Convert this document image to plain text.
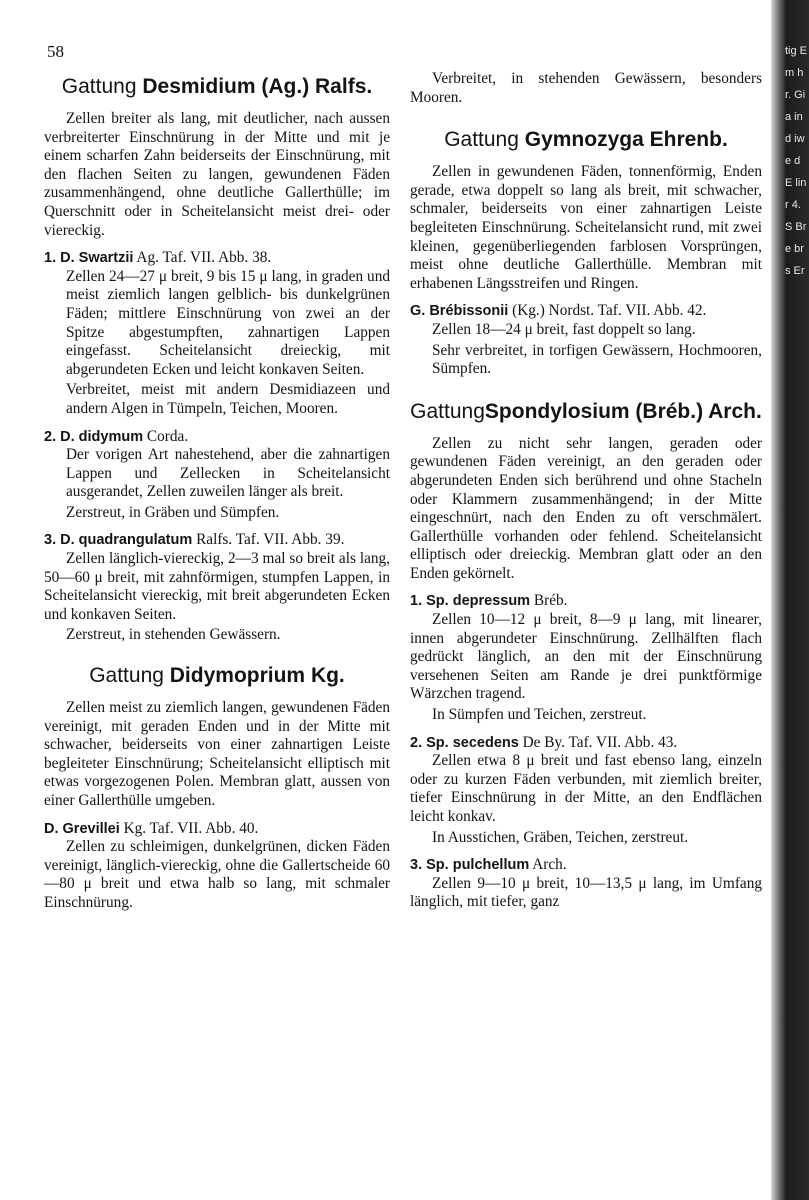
58
Gattung Desmidium (Ag.) Ralfs.

Zellen breiter als lang, mit deutlicher, nach aussen verbreiterter Einschnürung in der Mitte und mit je einem scharfen Zahn beiderseits der Einschnürung, mit den flachen Seiten zu langen, gewundenen Fäden zusammenhängend, ohne deutliche Gallerthülle; im Querschnitt oder in Scheitelansicht meist drei- oder viereckig.

1. D. Swartzii Ag. Taf. VII. Abb. 38.

Zellen 24—27 μ breit, 9 bis 15 μ lang, in graden und meist ziemlich langen gelblich- bis dunkelgrünen Fäden; mittlere Einschnürung von zwei an der Spitze abgestumpften, zahnartigen Lappen eingefasst. Scheitelansicht dreieckig, mit abgerundeten Ecken und leicht konkaven Seiten.

Verbreitet, meist mit andern Desmidiazeen und andern Algen in Tümpeln, Teichen, Mooren.

2. D. didymum Corda.

Der vorigen Art nahestehend, aber die zahnartigen Lappen und Zellecken in Scheitelansicht ausgerandet, Zellen zuweilen länger als breit.

Zerstreut, in Gräben und Sümpfen.

3. D. quadrangulatum Ralfs. Taf. VII. Abb. 39.

Zellen länglich-viereckig, 2—3 mal so breit als lang, 50—60 μ breit, mit zahnförmigen, stumpfen Lappen, in Scheitelansicht viereckig, mit breit abgerundeten Ecken und konkaven Seiten.

Zerstreut, in stehenden Gewässern.

Gattung Didymoprium Kg.

Zellen meist zu ziemlich langen, gewundenen Fäden vereinigt, mit geraden Enden und in der Mitte mit schwacher, beiderseits von einer zahnartigen Leiste begleiteter Einschnürung; Scheitelansicht elliptisch mit etwas vorgezogenen Polen. Membran glatt, aussen von einer Gallerthülle umgeben.

D. Grevillei Kg. Taf. VII. Abb. 40.

Zellen zu schleimigen, dunkelgrünen, dicken Fäden vereinigt, länglich-viereckig, ohne die Gallertscheide 60—80 μ breit und etwa halb so lang, mit schmaler Einschnürung.

Verbreitet, in stehenden Gewässern, besonders Mooren.

Gattung Gymnozyga Ehrenb.

Zellen in gewundenen Fäden, tonnenförmig, Enden gerade, etwa doppelt so lang als breit, mit schwacher, schmaler, beiderseits von einer zahnartigen Leiste begleiteten Einschnürung. Scheitelansicht rund, mit zwei kleinen, gegenüberliegenden farblosen Vorsprüngen, meist ohne deutliche Gallerthülle. Membran mit erhabenen Längsstreifen und Ringen.

G. Brébissonii (Kg.) Nordst. Taf. VII. Abb. 42.

Zellen 18—24 μ breit, fast doppelt so lang.

Sehr verbreitet, in torfigen Gewässern, Hochmooren, Sümpfen.

GattungSpondylosium (Bréb.) Arch.

Zellen zu nicht sehr langen, geraden oder gewundenen Fäden vereinigt, an den geraden oder abgerundeten Enden sich berührend und ohne Stacheln oder Klammern zusammenhängend; in der Mitte eingeschnürt, nach den Enden zu oft verschmälert. Gallerthülle vorhanden oder fehlend. Scheitelansicht elliptisch oder dreieckig. Membran glatt oder an den Enden gekörnelt.

1. Sp. depressum Bréb.

Zellen 10—12 μ breit, 8—9 μ lang, mit linearer, innen abgerundeter Einschnürung. Zellhälften flach gedrückt länglich, an den mit der Einschnürung versehenen Seiten am Rande je drei punktförmige Wärzchen tragend.

In Sümpfen und Teichen, zerstreut.

2. Sp. secedens De By. Taf. VII. Abb. 43.

Zellen etwa 8 μ breit und fast ebenso lang, einzeln oder zu kurzen Fäden verbunden, mit ziemlich breiter, tiefer Einschnürung in der Mitte, an den Endflächen leicht konkav.

In Ausstichen, Gräben, Teichen, zerstreut.

3. Sp. pulchellum Arch.

Zellen 9—10 μ breit, 10—13,5 μ lang, im Umfang länglich, mit tiefer, ganz

tig Em hr. Gi a in d iwe dE lin r 4. S Bre br s Er
